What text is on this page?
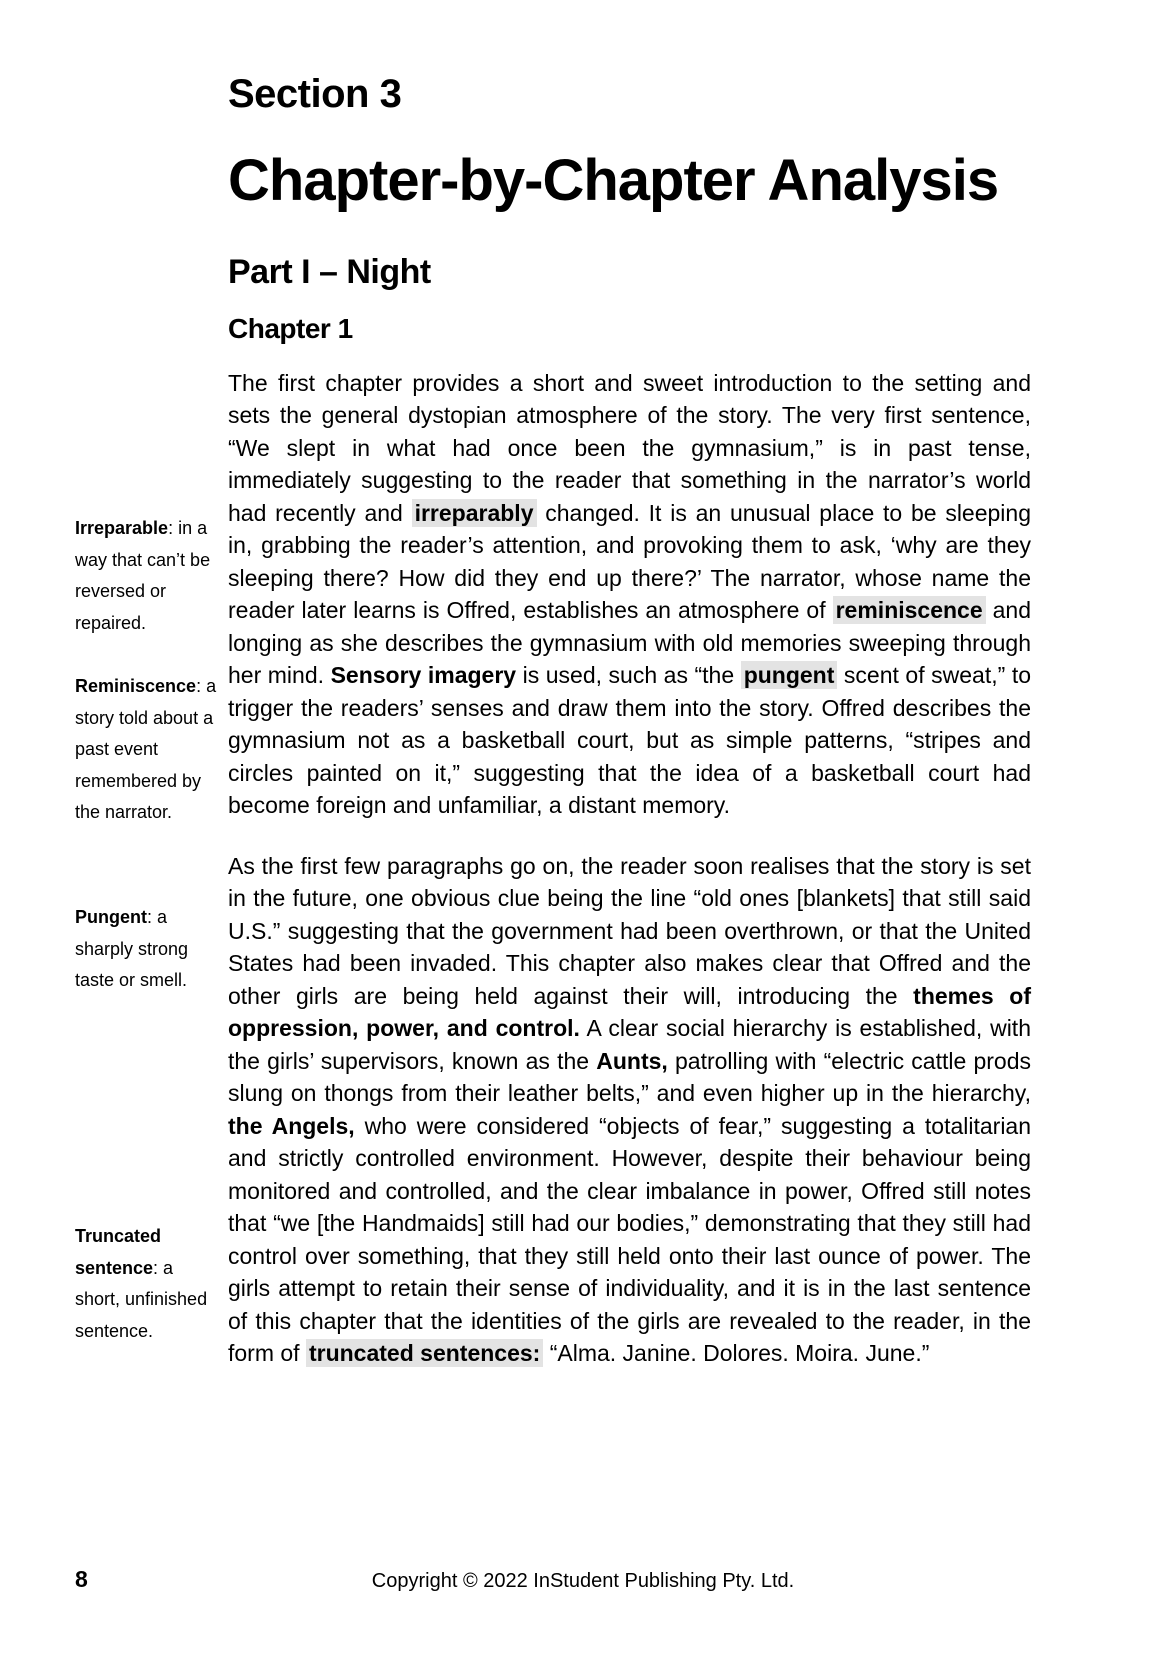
Irreparable: in a way that can’t be reversed or repaired.
Reminiscence: a story told about a past event remembered by the narrator.
Pungent: a sharply strong taste or smell.
Truncated sentence: a short, unfinished sentence.
Section 3
Chapter-by-Chapter Analysis
Part I – Night
Chapter 1

The first chapter provides a short and sweet introduction to the setting and sets the general dystopian atmosphere of the story. The very first sentence, “We slept in what had once been the gymnasium,” is in past tense, immediately suggesting to the reader that something in the narrator’s world had recently and irreparably changed. It is an unusual place to be sleeping in, grabbing the reader’s attention, and provoking them to ask, ‘why are they sleeping there? How did they end up there?’ The narrator, whose name the reader later learns is Offred, establishes an atmosphere of reminiscence and longing as she describes the gymnasium with old memories sweeping through her mind. Sensory imagery is used, such as “the pungent scent of sweat,” to trigger the readers’ senses and draw them into the story. Offred describes the gymnasium not as a basketball court, but as simple patterns, “stripes and circles painted on it,” suggesting that the idea of a basketball court had become foreign and unfamiliar, a distant memory.

As the first few paragraphs go on, the reader soon realises that the story is set in the future, one obvious clue being the line “old ones [blankets] that still said U.S.” suggesting that the government had been overthrown, or that the United States had been invaded. This chapter also makes clear that Offred and the other girls are being held against their will, introducing the themes of oppression, power, and control. A clear social hierarchy is established, with the girls’ supervisors, known as the Aunts, patrolling with “electric cattle prods slung on thongs from their leather belts,” and even higher up in the hierarchy, the Angels, who were considered “objects of fear,” suggesting a totalitarian and strictly controlled environment. However, despite their behaviour being monitored and controlled, and the clear imbalance in power, Offred still notes that “we [the Handmaids] still had our bodies,” demonstrating that they still had control over something, that they still held onto their last ounce of power. The girls attempt to retain their sense of individuality, and it is in the last sentence of this chapter that the identities of the girls are revealed to the reader, in the form of truncated sentences: “Alma. Janine. Dolores. Moira. June.”

8	Copyright © 2022 InStudent Publishing Pty. Ltd.
